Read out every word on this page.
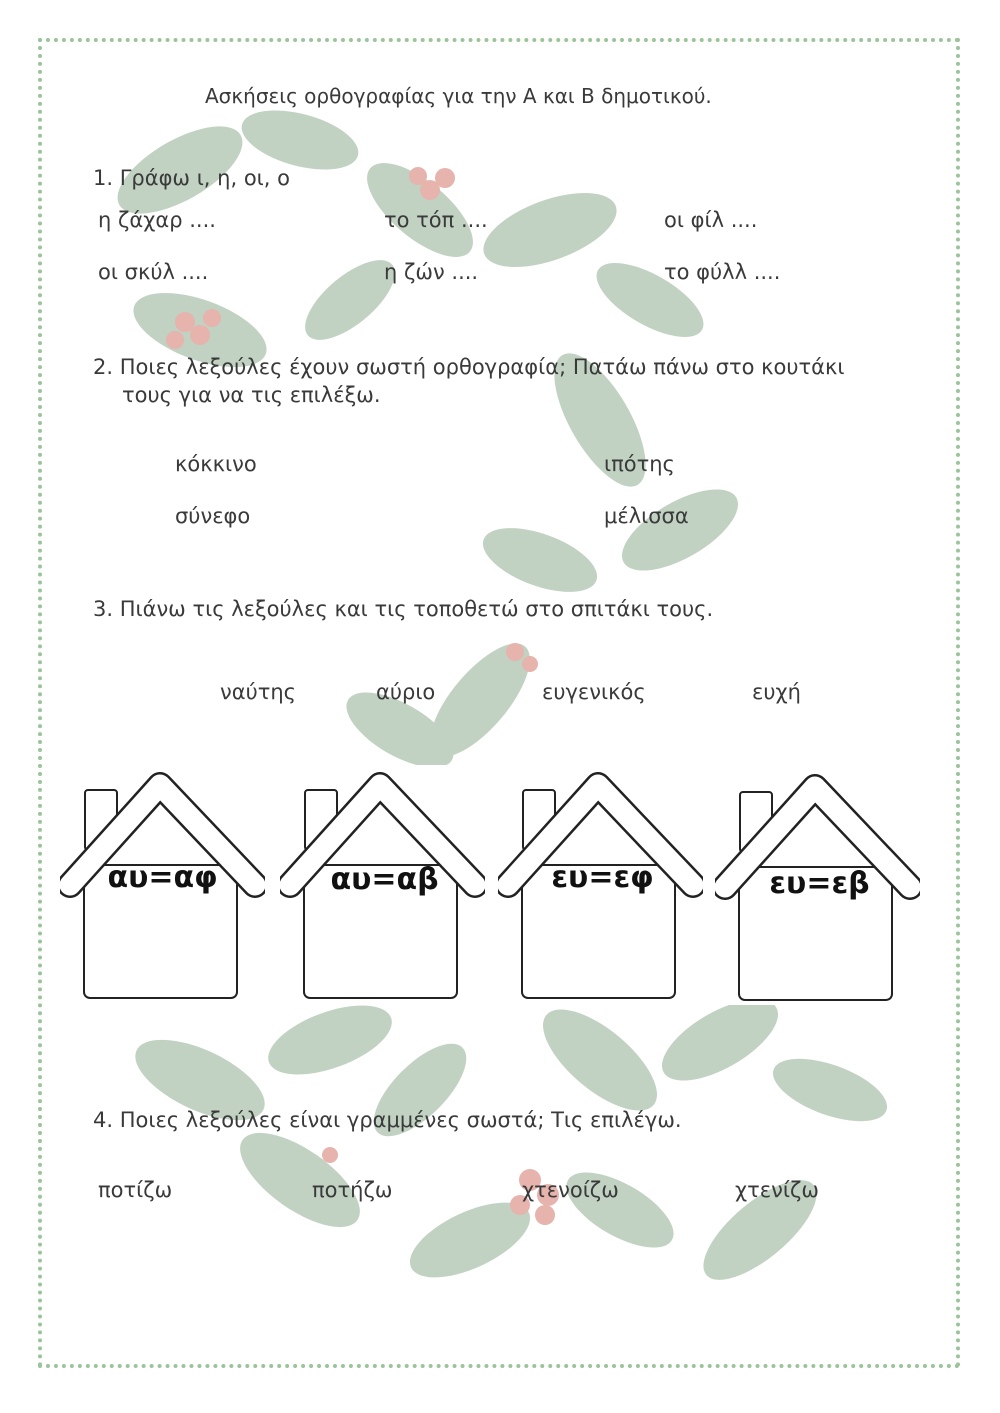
Ασκήσεις ορθογραφίας για την Α και Β δημοτικού.
1. Γράφω ι, η, οι, ο
η ζάχαρ ....	το τόπ ....	οι φίλ ....
οι σκύλ ....	η ζών ....	το φύλλ ....
2. Ποιες λεξούλες έχουν σωστή ορθογραφία; Πατάω πάνω στο κουτάκι
τους για να τις επιλέξω.
κόκκινο	ιπότης
σύνεφο	μέλισσα
3. Πιάνω τις λεξούλες και τις τοποθετώ στο σπιτάκι τους.
ναύτης	αύριο	ευγενικός	ευχή
αυ=αφ	αυ=αβ	ευ=εφ	ευ=εβ
4. Ποιες λεξούλες είναι γραμμένες σωστά; Τις επιλέγω.
ποτίζω	ποτήζω	χτενοίζω	χτενίζω
